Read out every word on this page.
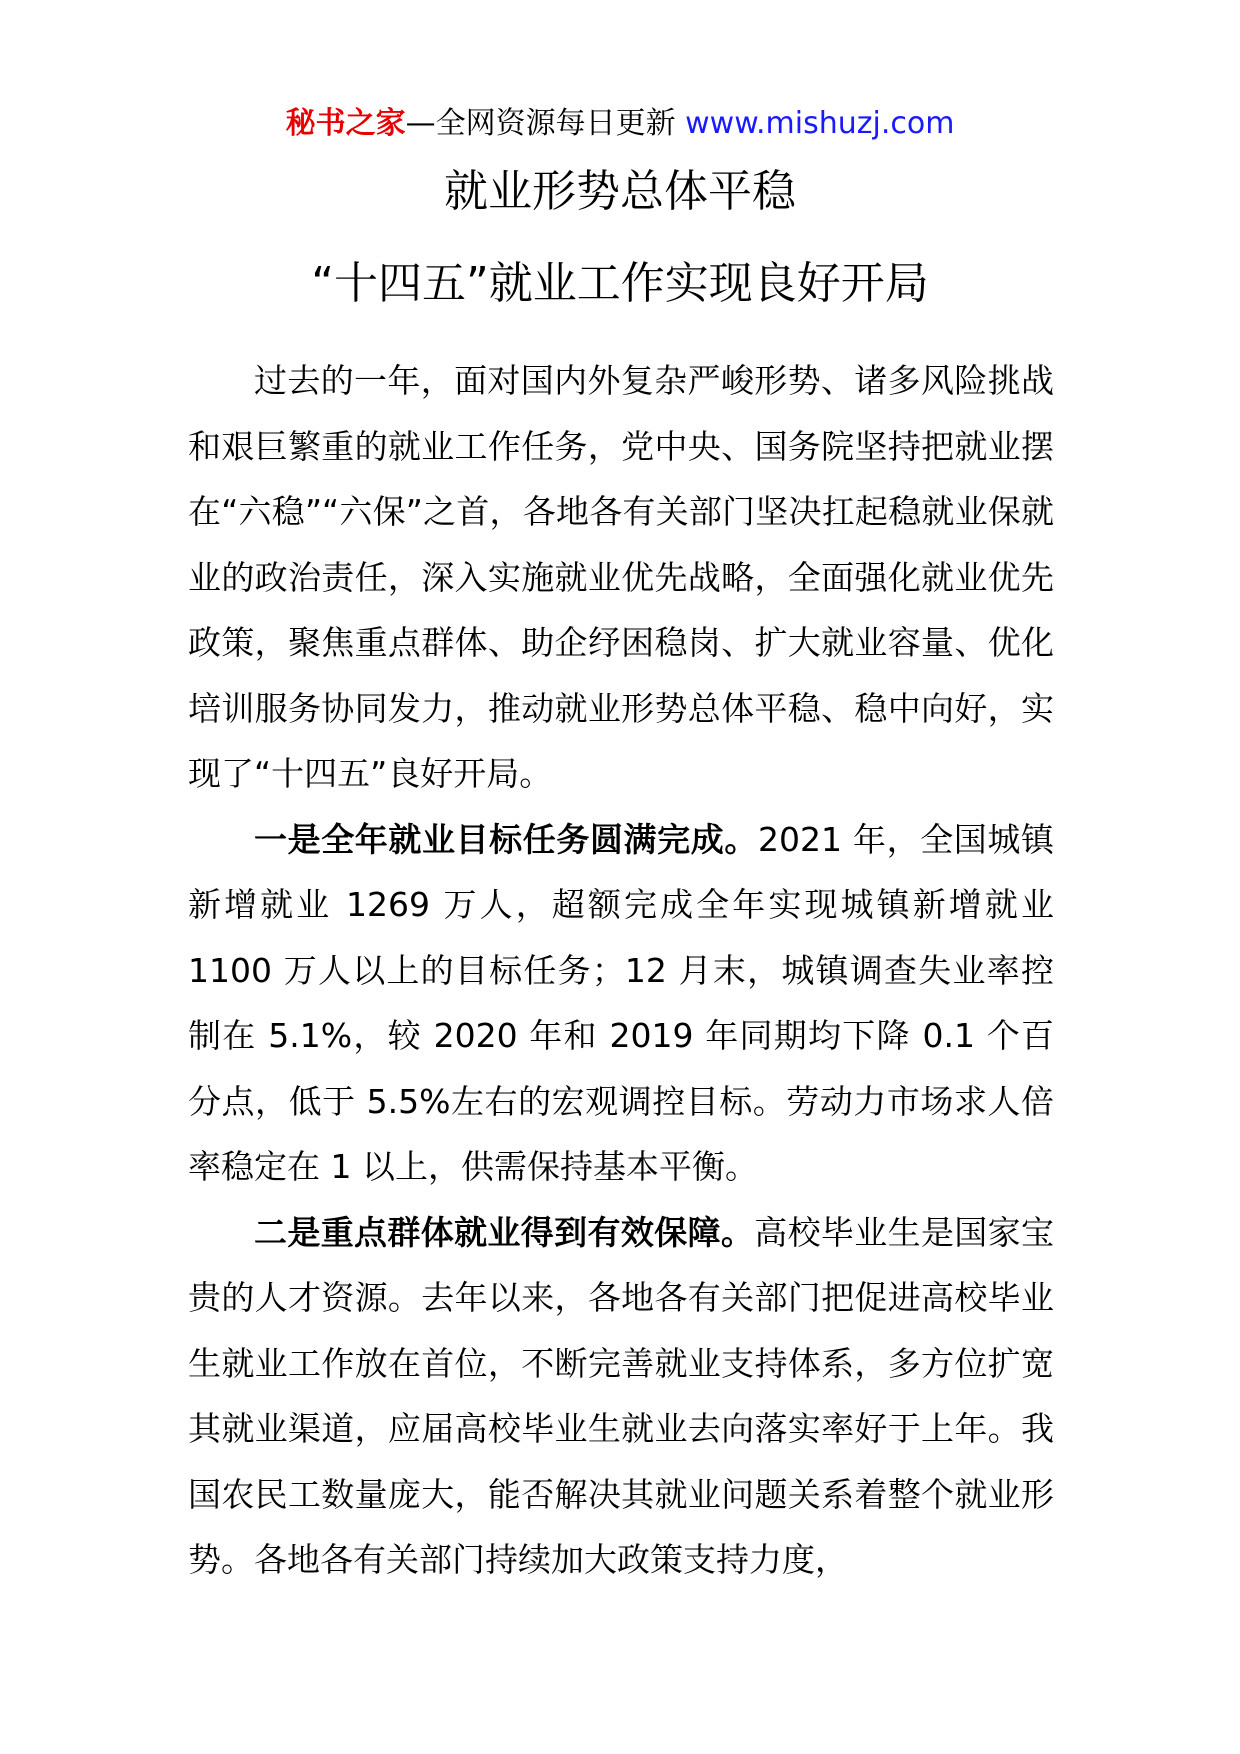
秘书之家—全网资源每日更新 www.mishuzj.com
就业形势总体平稳
“十四五”就业工作实现良好开局

过去的一年，面对国内外复杂严峻形势、诸多风险挑战和艰巨繁重的就业工作任务，党中央、国务院坚持把就业摆在“六稳”“六保”之首，各地各有关部门坚决扛起稳就业保就业的政治责任，深入实施就业优先战略，全面强化就业优先政策，聚焦重点群体、助企纾困稳岗、扩大就业容量、优化培训服务协同发力，推动就业形势总体平稳、稳中向好，实现了“十四五”良好开局。

一是全年就业目标任务圆满完成。2021 年，全国城镇新增就业 1269 万人，超额完成全年实现城镇新增就业 1100 万人以上的目标任务；12 月末，城镇调查失业率控制在 5.1%，较 2020 年和 2019 年同期均下降 0.1 个百分点，低于 5.5%左右的宏观调控目标。劳动力市场求人倍率稳定在 1 以上，供需保持基本平衡。

二是重点群体就业得到有效保障。高校毕业生是国家宝贵的人才资源。去年以来，各地各有关部门把促进高校毕业生就业工作放在首位，不断完善就业支持体系，多方位扩宽其就业渠道，应届高校毕业生就业去向落实率好于上年。我国农民工数量庞大，能否解决其就业问题关系着整个就业形势。各地各有关部门持续加大政策支持力度，
